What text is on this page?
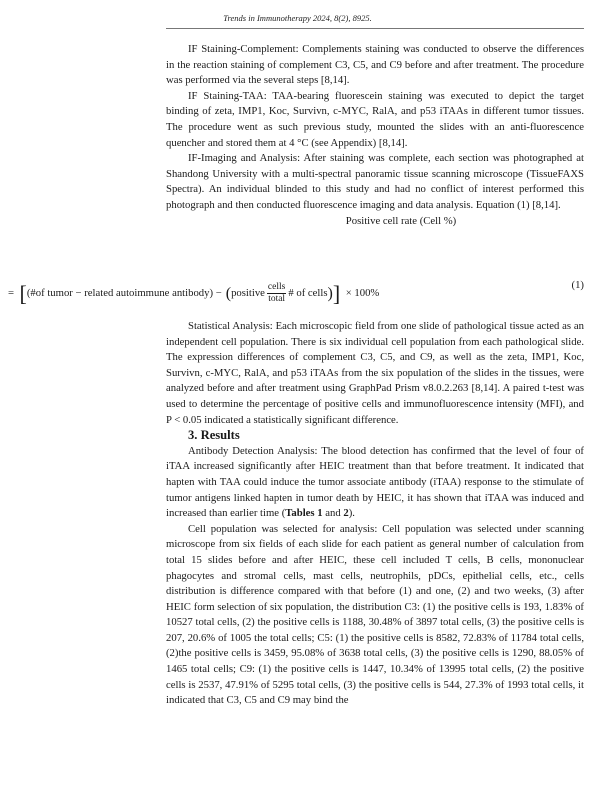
Trends in Immunotherapy 2024, 8(2), 8925.

IF Staining-Complement: Complements staining was conducted to observe the differences in the reaction staining of complement C3, C5, and C9 before and after treatment. The procedure was performed via the several steps [8,14].

IF Staining-TAA: TAA-bearing fluorescein staining was executed to depict the target binding of zeta, IMP1, Koc, Survivn, c-MYC, RalA, and p53 iTAAs in different tumor tissues. The procedure went as such previous study, mounted the slides with an anti-fluorescence quencher and stored them at 4 °C (see Appendix) [8,14].

IF-Imaging and Analysis: After staining was complete, each section was photographed at Shandong University with a multi-spectral panoramic tissue scanning microscope (TissueFAXS Spectra). An individual blinded to this study and had no conflict of interest performed this photograph and then conducted fluorescence imaging and data analysis. Equation (1) [8,14].

Positive cell rate (Cell %)

= [ (#of tumor − related autoimmune antibody) − ( positive $\frac{\text{cells}}{\text{total}}$ # of cells ) ] × 100%
(1)

Statistical Analysis: Each microscopic field from one slide of pathological tissue acted as an independent cell population. There is six individual cell population from each pathological slide. The expression differences of complement C3, C5, and C9, as well as the zeta, IMP1, Koc, Survivn, c-MYC, RalA, and p53 iTAAs from the six population of the slides in the tissues, were analyzed before and after treatment using GraphPad Prism v8.0.2.263 [8,14]. A paired t-test was used to determine the percentage of positive cells and immunofluorescence intensity (MFI), and P < 0.05 indicated a statistically significant difference.

3. Results

Antibody Detection Analysis: The blood detection has confirmed that the level of four of iTAA increased significantly after HEIC treatment than that before treatment. It indicated that hapten with TAA could induce the tumor associate antibody (iTAA) response to the stimulate of tumor antigens linked hapten in tumor death by HEIC, it has shown that iTAA was induced and increased than earlier time (Tables 1 and 2).

Cell population was selected for analysis: Cell population was selected under scanning microscope from six fields of each slide for each patient as general number of calculation from total 15 slides before and after HEIC, these cell included T cells, B cells, mononuclear phagocytes and stromal cells, mast cells, neutrophils, pDCs, epithelial cells, etc., cells distribution is difference compared with that before (1) and one, (2) and two weeks, (3) after HEIC form selection of six population, the distribution C3: (1) the positive cells is 193, 1.83% of 10527 total cells, (2) the positive cells is 1188, 30.48% of 3897 total cells, (3) the positive cells is 207, 20.6% of 1005 the total cells; C5: (1) the positive cells is 8582, 72.83% of 11784 total cells, (2)the positive cells is 3459, 95.08% of 3638 total cells, (3) the positive cells is 1290, 88.05% of 1465 total cells; C9: (1) the positive cells is 1447, 10.34% of 13995 total cells, (2) the positive cells is 2537, 47.91% of 5295 total cells, (3) the positive cells is 544, 27.3% of 1993 total cells, it indicated that C3, C5 and C9 may bind the
